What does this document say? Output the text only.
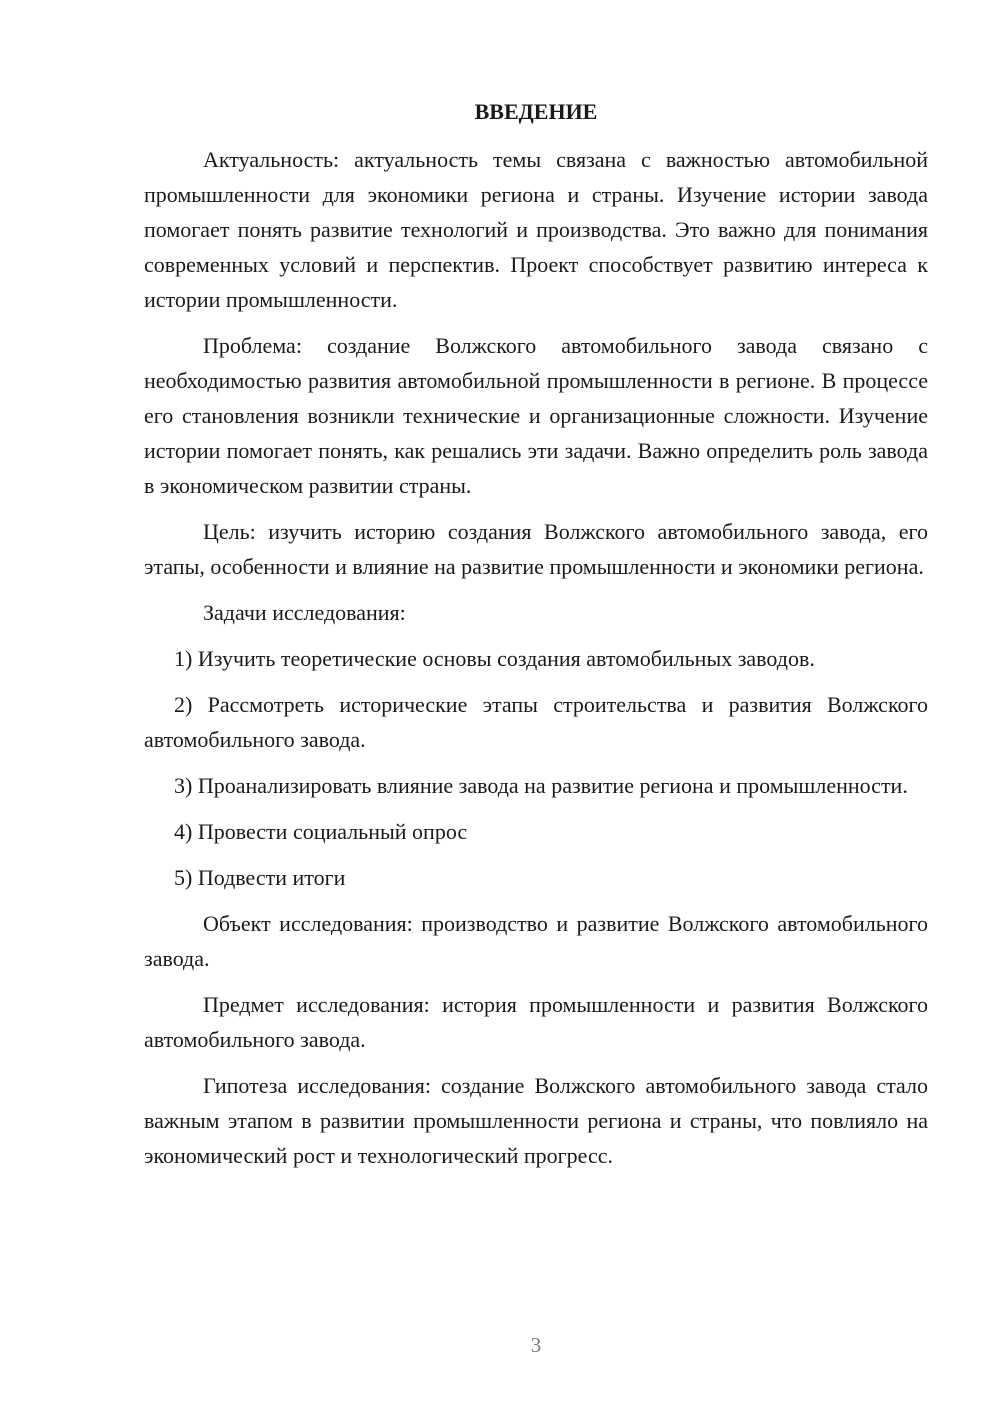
ВВЕДЕНИЕ

Актуальность: актуальность темы связана с важностью автомобильной промышленности для экономики региона и страны. Изучение истории завода помогает понять развитие технологий и производства. Это важно для понимания современных условий и перспектив. Проект способствует развитию интереса к истории промышленности.

Проблема: создание Волжского автомобильного завода связано с необходимостью развития автомобильной промышленности в регионе. В процессе его становления возникли технические и организационные сложности. Изучение истории помогает понять, как решались эти задачи. Важно определить роль завода в экономическом развитии страны.

Цель: изучить историю создания Волжского автомобильного завода, его этапы, особенности и влияние на развитие промышленности и экономики региона.

Задачи исследования:

1) Изучить теоретические основы создания автомобильных заводов.

2) Рассмотреть исторические этапы строительства и развития Волжского автомобильного завода.

3) Проанализировать влияние завода на развитие региона и промышленности.

4) Провести социальный опрос

5) Подвести итоги

Объект исследования: производство и развитие Волжского автомобильного завода.

Предмет исследования: история промышленности и развития Волжского автомобильного завода.

Гипотеза исследования: создание Волжского автомобильного завода стало важным этапом в развитии промышленности региона и страны, что повлияло на экономический рост и технологический прогресс.

3
